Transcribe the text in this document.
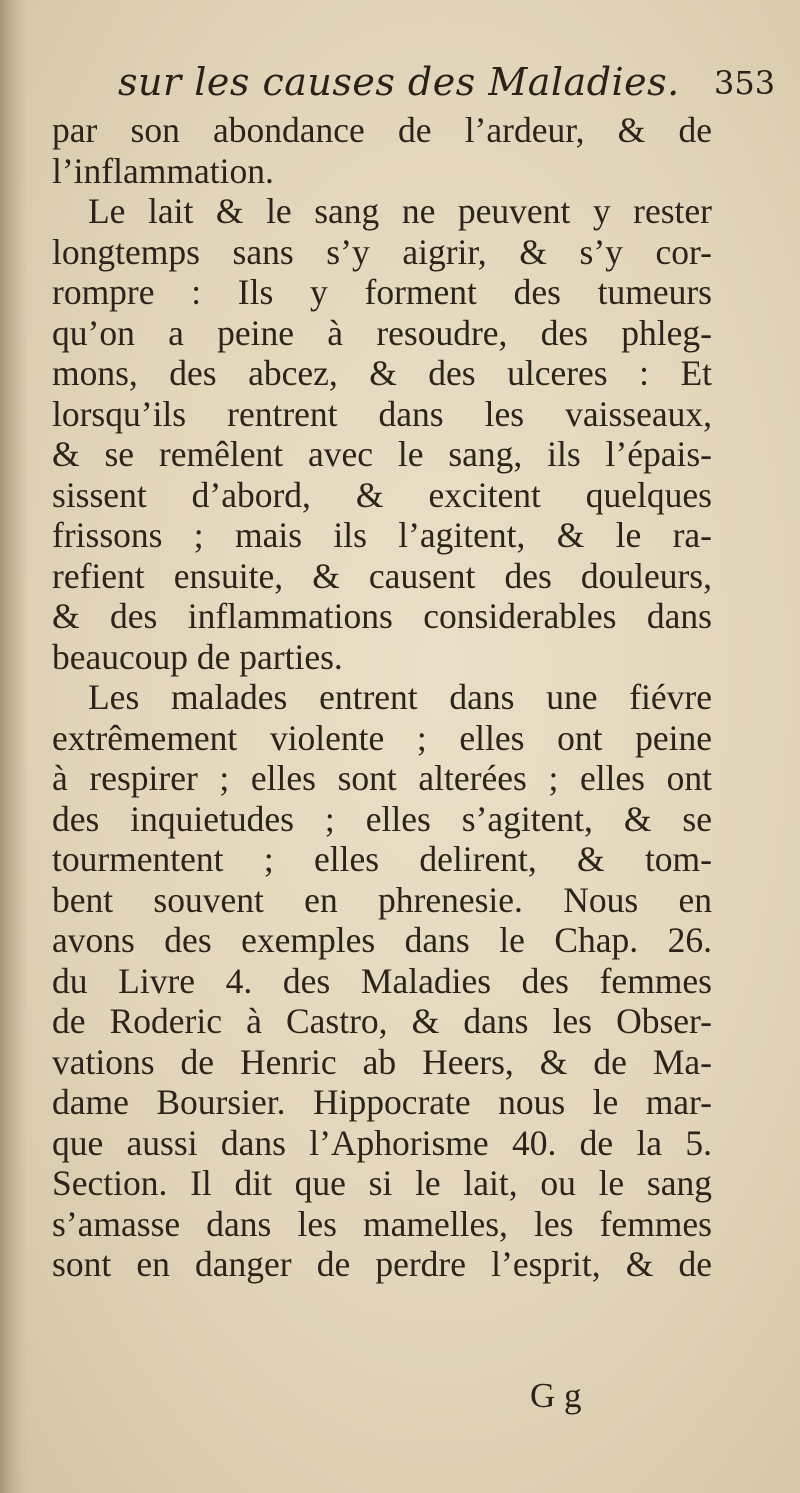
sur les causes des Maladies. 353
par son abondance de l’ardeur, & de
l’inflammation.
Le lait & le sang ne peuvent y rester
longtemps sans s’y aigrir, & s’y cor-
rompre : Ils y forment des tumeurs
qu’on a peine à resoudre, des phleg-
mons, des abcez, & des ulceres : Et
lorsqu’ils rentrent dans les vaisseaux,
& se remêlent avec le sang, ils l’épais-
sissent d’abord, & excitent quelques
frissons ; mais ils l’agitent, & le ra-
refient ensuite, & causent des douleurs,
& des inflammations considerables dans
beaucoup de parties.
Les malades entrent dans une fiévre
extrêmement violente ; elles ont peine
à respirer ; elles sont alterées ; elles ont
des inquietudes ; elles s’agitent, & se
tourmentent ; elles delirent, & tom-
bent souvent en phrenesie. Nous en
avons des exemples dans le Chap. 26.
du Livre 4. des Maladies des femmes
de Roderic à Castro, & dans les Obser-
vations de Henric ab Heers, & de Ma-
dame Boursier. Hippocrate nous le mar-
que aussi dans l’Aphorisme 40. de la 5.
Section. Il dit que si le lait, ou le sang
s’amasse dans les mamelles, les femmes
sont en danger de perdre l’esprit, & de
G g
